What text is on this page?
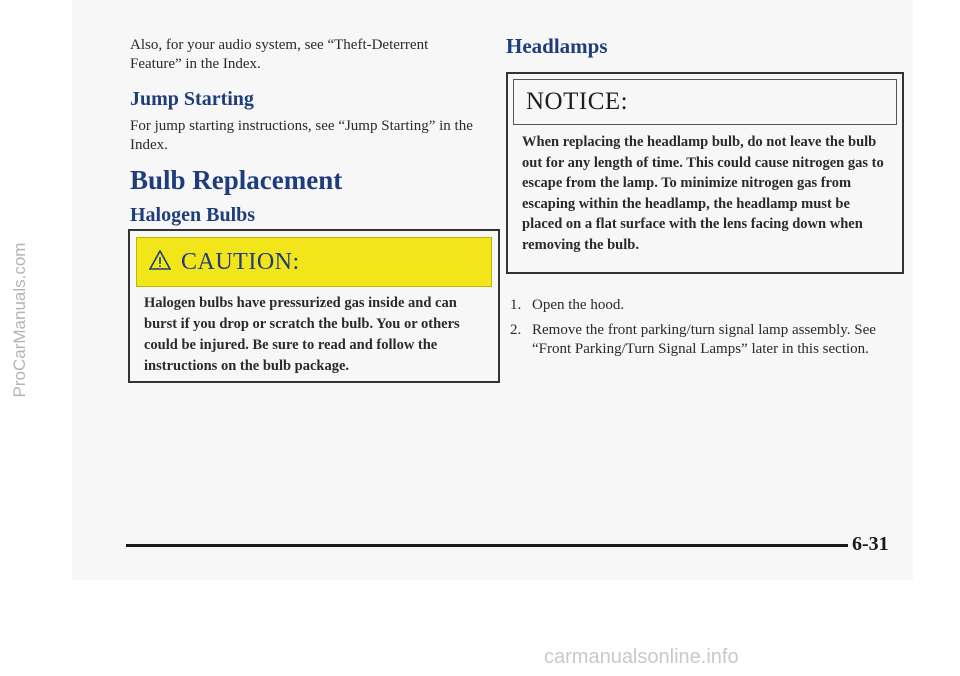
ProCarManuals.com

Also, for your audio system, see “Theft-Deterrent Feature” in the Index.

Jump Starting

For jump starting instructions, see “Jump Starting” in the Index.

Bulb Replacement
Halogen Bulbs
CAUTION:
Halogen bulbs have pressurized gas inside and can burst if you drop or scratch the bulb. You or others could be injured. Be sure to read and follow the instructions on the bulb package.
Headlamps
NOTICE:
When replacing the headlamp bulb, do not leave the bulb out for any length of time. This could cause nitrogen gas to escape from the lamp. To minimize nitrogen gas from escaping within the headlamp, the headlamp must be placed on a flat surface with the lens facing down when removing the bulb.
1. Open the hood.
2. Remove the front parking/turn signal lamp assembly. See “Front Parking/Turn Signal Lamps” later in this section.
6-31
carmanualsonline.info
